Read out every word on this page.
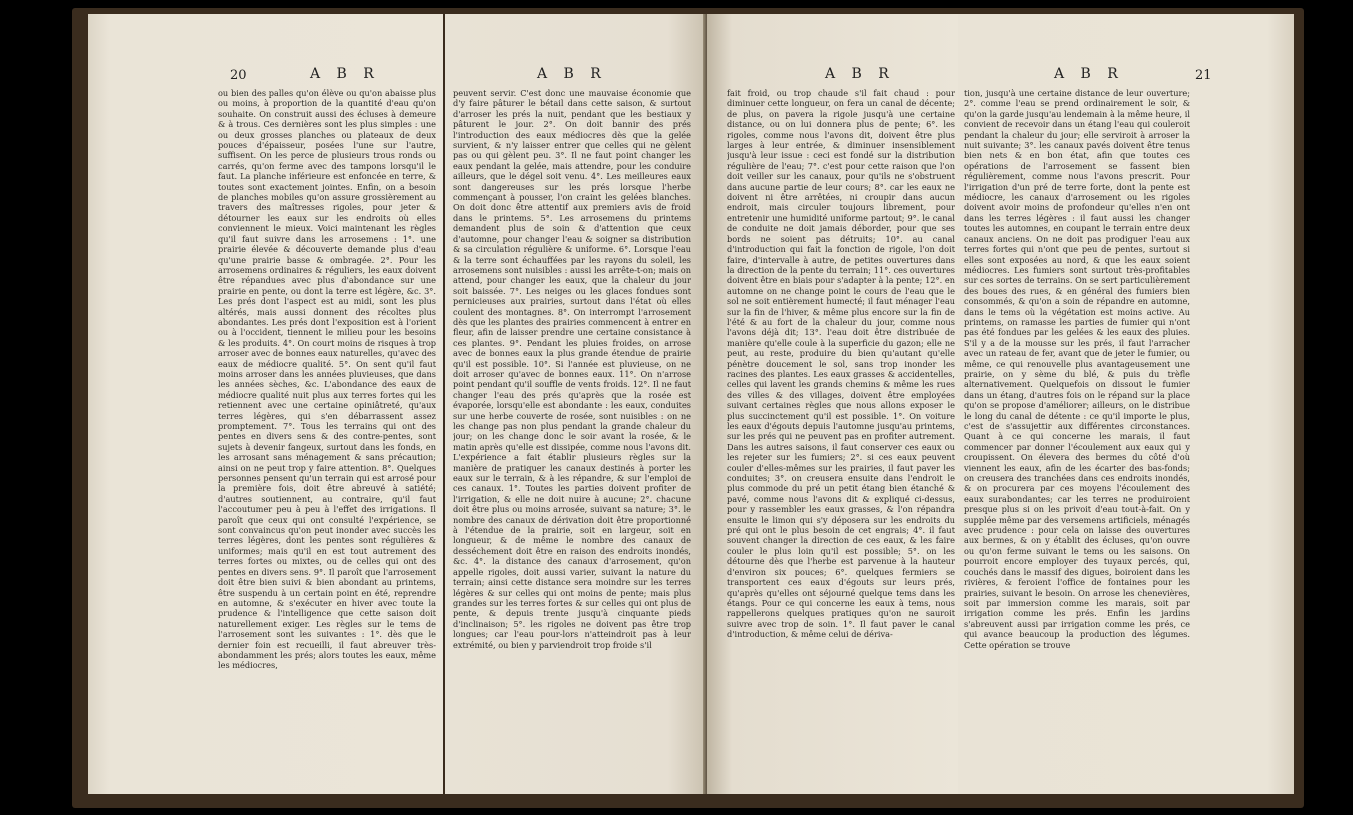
20	A B R
ou bien des palles qu'on élève ou qu'on abaisse plus ou moins, à proportion de la quantité d'eau qu'on souhaite. On construit aussi des écluses à demeure & à trous. Ces dernières sont les plus simples : une ou deux grosses planches ou plateaux de deux pouces d'épaisseur, posées l'une sur l'autre, suffisent. On les perce de plusieurs trous ronds ou carrés, qu'on ferme avec des tampons lorsqu'il le faut. La planche inférieure est enfoncée en terre, & toutes sont exactement jointes. Enfin, on a besoin de planches mobiles qu'on assure grossièrement au travers des maîtresses rigoles, pour jeter & détourner les eaux sur les endroits où elles conviennent le mieux. Voici maintenant les règles qu'il faut suivre dans les arrosemens : 1°. une prairie élevée & découverte demande plus d'eau qu'une prairie basse & ombragée. 2°. Pour les arrosemens ordinaires & réguliers, les eaux doivent être répandues avec plus d'abondance sur une prairie en pente, ou dont la terre est légère, &c. 3°. Les prés dont l'aspect est au midi, sont les plus altérés, mais aussi donnent des récoltes plus abondantes. Les prés dont l'exposition est à l'orient ou à l'occident, tiennent le milieu pour les besoins & les produits. 4°. On court moins de risques à trop arroser avec de bonnes eaux naturelles, qu'avec des eaux de médiocre qualité. 5°. On sent qu'il faut moins arroser dans les années pluvieuses, que dans les années sèches, &c. L'abondance des eaux de médiocre qualité nuit plus aux terres fortes qui les retiennent avec une certaine opiniâtreté, qu'aux terres légères, qui s'en débarrassent assez promptement. 7°. Tous les terrains qui ont des pentes en divers sens & des contre-pentes, sont sujets à devenir fangeux, surtout dans les fonds, en les arrosant sans ménagement & sans précaution; ainsi on ne peut trop y faire attention. 8°. Quelques personnes pensent qu'un terrain qui est arrosé pour la première fois, doit être abreuvé à satiété; d'autres soutiennent, au contraire, qu'il faut l'accoutumer peu à peu à l'effet des irrigations. Il paroît que ceux qui ont consulté l'expérience, se sont convaincus qu'on peut inonder avec succès les terres légères, dont les pentes sont régulières & uniformes; mais qu'il en est tout autrement des terres fortes ou mixtes, ou de celles qui ont des pentes en divers sens. 9°. Il paroît que l'arrosement doit être bien suivi & bien abondant au printems, être suspendu à un certain point en été, reprendre en automne, & s'exécuter en hiver avec toute la prudence & l'intelligence que cette saison doit naturellement exiger. Les règles sur le tems de l'arrosement sont les suivantes : 1°. dès que le dernier foin est recueilli, il faut abreuver très-abondamment les prés; alors toutes les eaux, même les médiocres,
A B R
peuvent servir. C'est donc une mauvaise économie que d'y faire pâturer le bétail dans cette saison, & surtout d'arroser les prés la nuit, pendant que les bestiaux y pâturent le jour. 2°. On doit bannir des prés l'introduction des eaux médiocres dès que la gelée survient, & n'y laisser entrer que celles qui ne gèlent pas ou qui gèlent peu. 3°. Il ne faut point changer les eaux pendant la gelée, mais attendre, pour les conduire ailleurs, que le dégel soit venu. 4°. Les meilleures eaux sont dangereuses sur les prés lorsque l'herbe commençant à pousser, l'on craint les gelées blanches. On doit donc être attentif aux premiers avis de froid dans le printems. 5°. Les arrosemens du printems demandent plus de soin & d'attention que ceux d'automne, pour changer l'eau & soigner sa distribution & sa circulation régulière & uniforme. 6°. Lorsque l'eau & la terre sont échauffées par les rayons du soleil, les arrosemens sont nuisibles : aussi les arrête-t-on; mais on attend, pour changer les eaux, que la chaleur du jour soit baissée. 7°. Les neiges ou les glaces fondues sont pernicieuses aux prairies, surtout dans l'état où elles coulent des montagnes. 8°. On interrompt l'arrosement dès que les plantes des prairies commencent à entrer en fleur, afin de laisser prendre une certaine consistance à ces plantes. 9°. Pendant les pluies froides, on arrose avec de bonnes eaux la plus grande étendue de prairie qu'il est possible. 10°. Si l'année est pluvieuse, on ne doit arroser qu'avec de bonnes eaux. 11°. On n'arrose point pendant qu'il souffle de vents froids. 12°. Il ne faut changer l'eau des prés qu'après que la rosée est évaporée, lorsqu'elle est abondante : les eaux, conduites sur une herbe couverte de rosée, sont nuisibles : on ne les change pas non plus pendant la grande chaleur du jour; on les change donc le soir avant la rosée, & le matin après qu'elle est dissipée, comme nous l'avons dit. L'expérience a fait établir plusieurs règles sur la manière de pratiquer les canaux destinés à porter les eaux sur le terrain, & à les répandre, & sur l'emploi de ces canaux. 1°. Toutes les parties doivent profiter de l'irrigation, & elle ne doit nuire à aucune; 2°. chacune doit être plus ou moins arrosée, suivant sa nature; 3°. le nombre des canaux de dérivation doit être proportionné à l'étendue de la prairie, soit en largeur, soit en longueur, & de même le nombre des canaux de desséchement doit être en raison des endroits inondés, &c. 4°. la distance des canaux d'arrosement, qu'on appelle rigoles, doit aussi varier, suivant la nature du terrain; ainsi cette distance sera moindre sur les terres légères & sur celles qui ont moins de pente; mais plus grandes sur les terres fortes & sur celles qui ont plus de pente, & depuis trente jusqu'à cinquante pieds d'inclinaison; 5°. les rigoles ne doivent pas être trop longues; car l'eau pour-lors n'atteindroit pas à leur extrémité, ou bien y parviendroit trop froide s'il
A B R
fait froid, ou trop chaude s'il fait chaud : pour diminuer cette longueur, on fera un canal de décente; de plus, on pavera la rigole jusqu'à une certaine distance, ou on lui donnera plus de pente; 6°. les rigoles, comme nous l'avons dit, doivent être plus larges à leur entrée, & diminuer insensiblement jusqu'à leur issue : ceci est fondé sur la distribution régulière de l'eau; 7°. c'est pour cette raison que l'on doit veiller sur les canaux, pour qu'ils ne s'obstruent dans aucune partie de leur cours; 8°. car les eaux ne doivent ni être arrêtées, ni croupir dans aucun endroit, mais circuler toujours librement, pour entretenir une humidité uniforme partout; 9°. le canal de conduite ne doit jamais déborder, pour que ses bords ne soient pas détruits; 10°. au canal d'introduction qui fait la fonction de rigole, l'on doit faire, d'intervalle à autre, de petites ouvertures dans la direction de la pente du terrain; 11°. ces ouvertures doivent être en biais pour s'adapter à la pente; 12°. en automne on ne change point le cours de l'eau que le sol ne soit entièrement humecté; il faut ménager l'eau sur la fin de l'hiver, & même plus encore sur la fin de l'été & au fort de la chaleur du jour, comme nous l'avons déjà dit; 13°. l'eau doit être distribuée de manière qu'elle coule à la superficie du gazon; elle ne peut, au reste, produire du bien qu'autant qu'elle pénètre doucement le sol, sans trop inonder les racines des plantes. Les eaux grasses & accidentelles, celles qui lavent les grands chemins & même les rues des villes & des villages, doivent être employées suivant certaines règles que nous allons exposer le plus succinctement qu'il est possible. 1°. On voiture les eaux d'égouts depuis l'automne jusqu'au printems, sur les prés qui ne peuvent pas en profiter autrement. Dans les autres saisons, il faut conserver ces eaux ou les rejeter sur les fumiers; 2°. si ces eaux peuvent couler d'elles-mêmes sur les prairies, il faut paver les conduites; 3°. on creusera ensuite dans l'endroit le plus commode du pré un petit étang bien étanché & pavé, comme nous l'avons dit & expliqué ci-dessus, pour y rassembler les eaux grasses, & l'on répandra ensuite le limon qui s'y déposera sur les endroits du pré qui ont le plus besoin de cet engrais; 4°. il faut souvent changer la direction de ces eaux, & les faire couler le plus loin qu'il est possible; 5°. on les détourne dès que l'herbe est parvenue à la hauteur d'environ six pouces; 6°. quelques fermiers se transportent ces eaux d'égouts sur leurs prés, qu'après qu'elles ont séjourné quelque tems dans les étangs. Pour ce qui concerne les eaux à tems, nous rappellerons quelques pratiques qu'on ne sauroit suivre avec trop de soin. 1°. Il faut paver le canal d'introduction, & même celui de dériva-
A B R	21
tion, jusqu'à une certaine distance de leur ouverture; 2°. comme l'eau se prend ordinairement le soir, & qu'on la garde jusqu'au lendemain à la même heure, il convient de recevoir dans un étang l'eau qui couleroit pendant la chaleur du jour; elle serviroit à arroser la nuit suivante; 3°. les canaux pavés doivent être tenus bien nets & en bon état, afin que toutes ces opérations de l'arrosement se fassent bien régulièrement, comme nous l'avons prescrit. Pour l'irrigation d'un pré de terre forte, dont la pente est médiocre, les canaux d'arrosement ou les rigoles doivent avoir moins de profondeur qu'elles n'en ont dans les terres légères : il faut aussi les changer toutes les automnes, en coupant le terrain entre deux canaux anciens. On ne doit pas prodiguer l'eau aux terres fortes qui n'ont que peu de pentes, surtout si elles sont exposées au nord, & que les eaux soient médiocres. Les fumiers sont surtout très-profitables sur ces sortes de terrains. On se sert particulièrement des boues des rues, & en général des fumiers bien consommés, & qu'on a soin de répandre en automne, dans le tems où la végétation est moins active. Au printems, on ramasse les parties de fumier qui n'ont pas été fondues par les gelées & les eaux des pluies. S'il y a de la mousse sur les prés, il faut l'arracher avec un rateau de fer, avant que de jeter le fumier, ou même, ce qui renouvelle plus avantageusement une prairie, on y sème du blé, & puis du trèfle alternativement. Quelquefois on dissout le fumier dans un étang, d'autres fois on le répand sur la place qu'on se propose d'améliorer; ailleurs, on le distribue le long du canal de détente : ce qu'il importe le plus, c'est de s'assujettir aux différentes circonstances. Quant à ce qui concerne les marais, il faut commencer par donner l'écoulement aux eaux qui y croupissent. On élevera des bermes du côté d'où viennent les eaux, afin de les écarter des bas-fonds; on creusera des tranchées dans ces endroits inondés, & on procurera par ces moyens l'écoulement des eaux surabondantes; car les terres ne produiroient presque plus si on les privoit d'eau tout-à-fait. On y supplée même par des versemens artificiels, ménagés avec prudence : pour cela on laisse des ouvertures aux bermes, & on y établit des écluses, qu'on ouvre ou qu'on ferme suivant le tems ou les saisons. On pourroit encore employer des tuyaux percés, qui, couchés dans le massif des digues, boiroient dans les rivières, & feroient l'office de fontaines pour les prairies, suivant le besoin. On arrose les chenevières, soit par immersion comme les marais, soit par irrigation comme les prés. Enfin les jardins s'abreuvent aussi par irrigation comme les prés, ce qui avance beaucoup la production des légumes. Cette opération se trouve
